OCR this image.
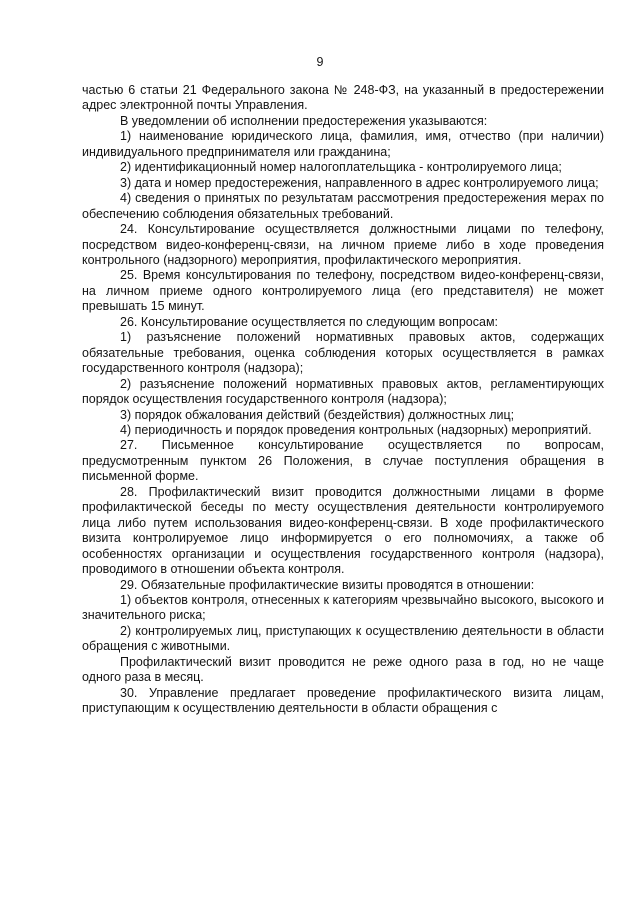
9

частью 6 статьи 21 Федерального закона № 248-ФЗ, на указанный в предостережении адрес электронной почты Управления.

В уведомлении об исполнении предостережения указываются:

1) наименование юридического лица, фамилия, имя, отчество (при наличии) индивидуального предпринимателя или гражданина;

2) идентификационный номер налогоплательщика - контролируемого лица;

3) дата и номер предостережения, направленного в адрес контролируемого лица;

4) сведения о принятых по результатам рассмотрения предостережения мерах по обеспечению соблюдения обязательных требований.

24. Консультирование осуществляется должностными лицами по телефону, посредством видео-конференц-связи, на личном приеме либо в ходе проведения контрольного (надзорного) мероприятия, профилактического мероприятия.

25. Время консультирования по телефону, посредством видео-конференц-связи, на личном приеме одного контролируемого лица (его представителя) не может превышать 15 минут.

26. Консультирование осуществляется по следующим вопросам:

1) разъяснение положений нормативных правовых актов, содержащих обязательные требования, оценка соблюдения которых осуществляется в рамках государственного контроля (надзора);

2) разъяснение положений нормативных правовых актов, регламентирующих порядок осуществления государственного контроля (надзора);

3) порядок обжалования действий (бездействия) должностных лиц;

4) периодичность и порядок проведения контрольных (надзорных) мероприятий.

27. Письменное консультирование осуществляется по вопросам, предусмотренным пунктом 26 Положения, в случае поступления обращения в письменной форме.

28. Профилактический визит проводится должностными лицами в форме профилактической беседы по месту осуществления деятельности контролируемого лица либо путем использования видео-конференц-связи. В ходе профилактического визита контролируемое лицо информируется о его полномочиях, а также об особенностях организации и осуществления государственного контроля (надзора), проводимого в отношении объекта контроля.

29. Обязательные профилактические визиты проводятся в отношении:

1) объектов контроля, отнесенных к категориям чрезвычайно высокого, высокого и значительного риска;

2) контролируемых лиц, приступающих к осуществлению деятельности в области обращения с животными.

Профилактический визит проводится не реже одного раза в год, но не чаще одного раза в месяц.

30. Управление предлагает проведение профилактического визита лицам, приступающим к осуществлению деятельности в области обращения с
